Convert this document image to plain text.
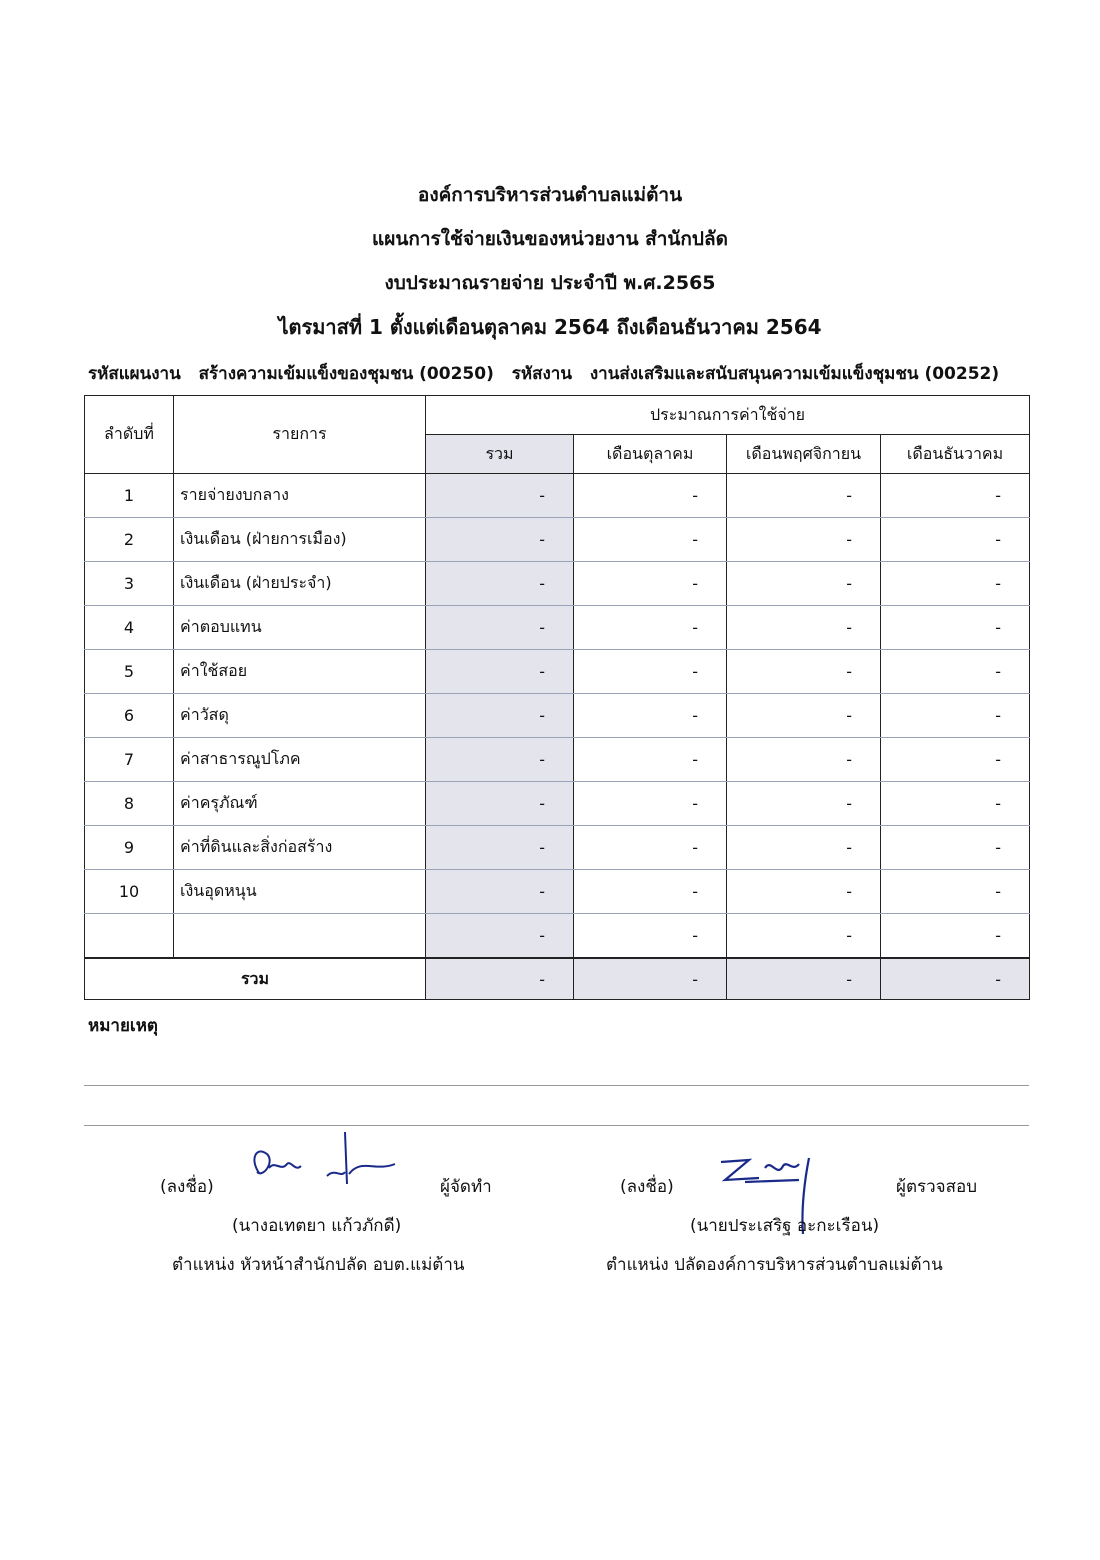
องค์การบริหารส่วนตำบลแม่ต้าน
แผนการใช้จ่ายเงินของหน่วยงาน สำนักปลัด
งบประมาณรายจ่าย ประจำปี พ.ศ.2565
ไตรมาสที่ 1 ตั้งแต่เดือนตุลาคม 2564 ถึงเดือนธันวาคม 2564
รหัสแผนงาน สร้างความเข้มแข็งของชุมชน (00250) รหัสงาน งานส่งเสริมและสนับสนุนความเข้มแข็งชุมชน (00252)
ลำดับที่	รายการ	ประมาณการค่าใช้จ่าย			
		รวม	เดือนตุลาคม	เดือนพฤศจิกายน	เดือนธันวาคม
1	รายจ่ายงบกลาง	-	-	-	-
2	เงินเดือน (ฝ่ายการเมือง)	-	-	-	-
3	เงินเดือน (ฝ่ายประจำ)	-	-	-	-
4	ค่าตอบแทน	-	-	-	-
5	ค่าใช้สอย	-	-	-	-
6	ค่าวัสดุ	-	-	-	-
7	ค่าสาธารณูปโภค	-	-	-	-
8	ค่าครุภัณฑ์	-	-	-	-
9	ค่าที่ดินและสิ่งก่อสร้าง	-	-	-	-
10	เงินอุดหนุน	-	-	-	-
		-	-	-	-
รวม		-	-	-	-
หมายเหตุ
(ลงชื่อ)	ผู้จัดทำ
(นางอเทตยา แก้วภักดี)
ตำแหน่ง หัวหน้าสำนักปลัด อบต.แม่ต้าน
(ลงชื่อ)	ผู้ตรวจสอบ
(นายประเสริฐ อะกะเรือน)
ตำแหน่ง ปลัดองค์การบริหารส่วนตำบลแม่ต้าน
